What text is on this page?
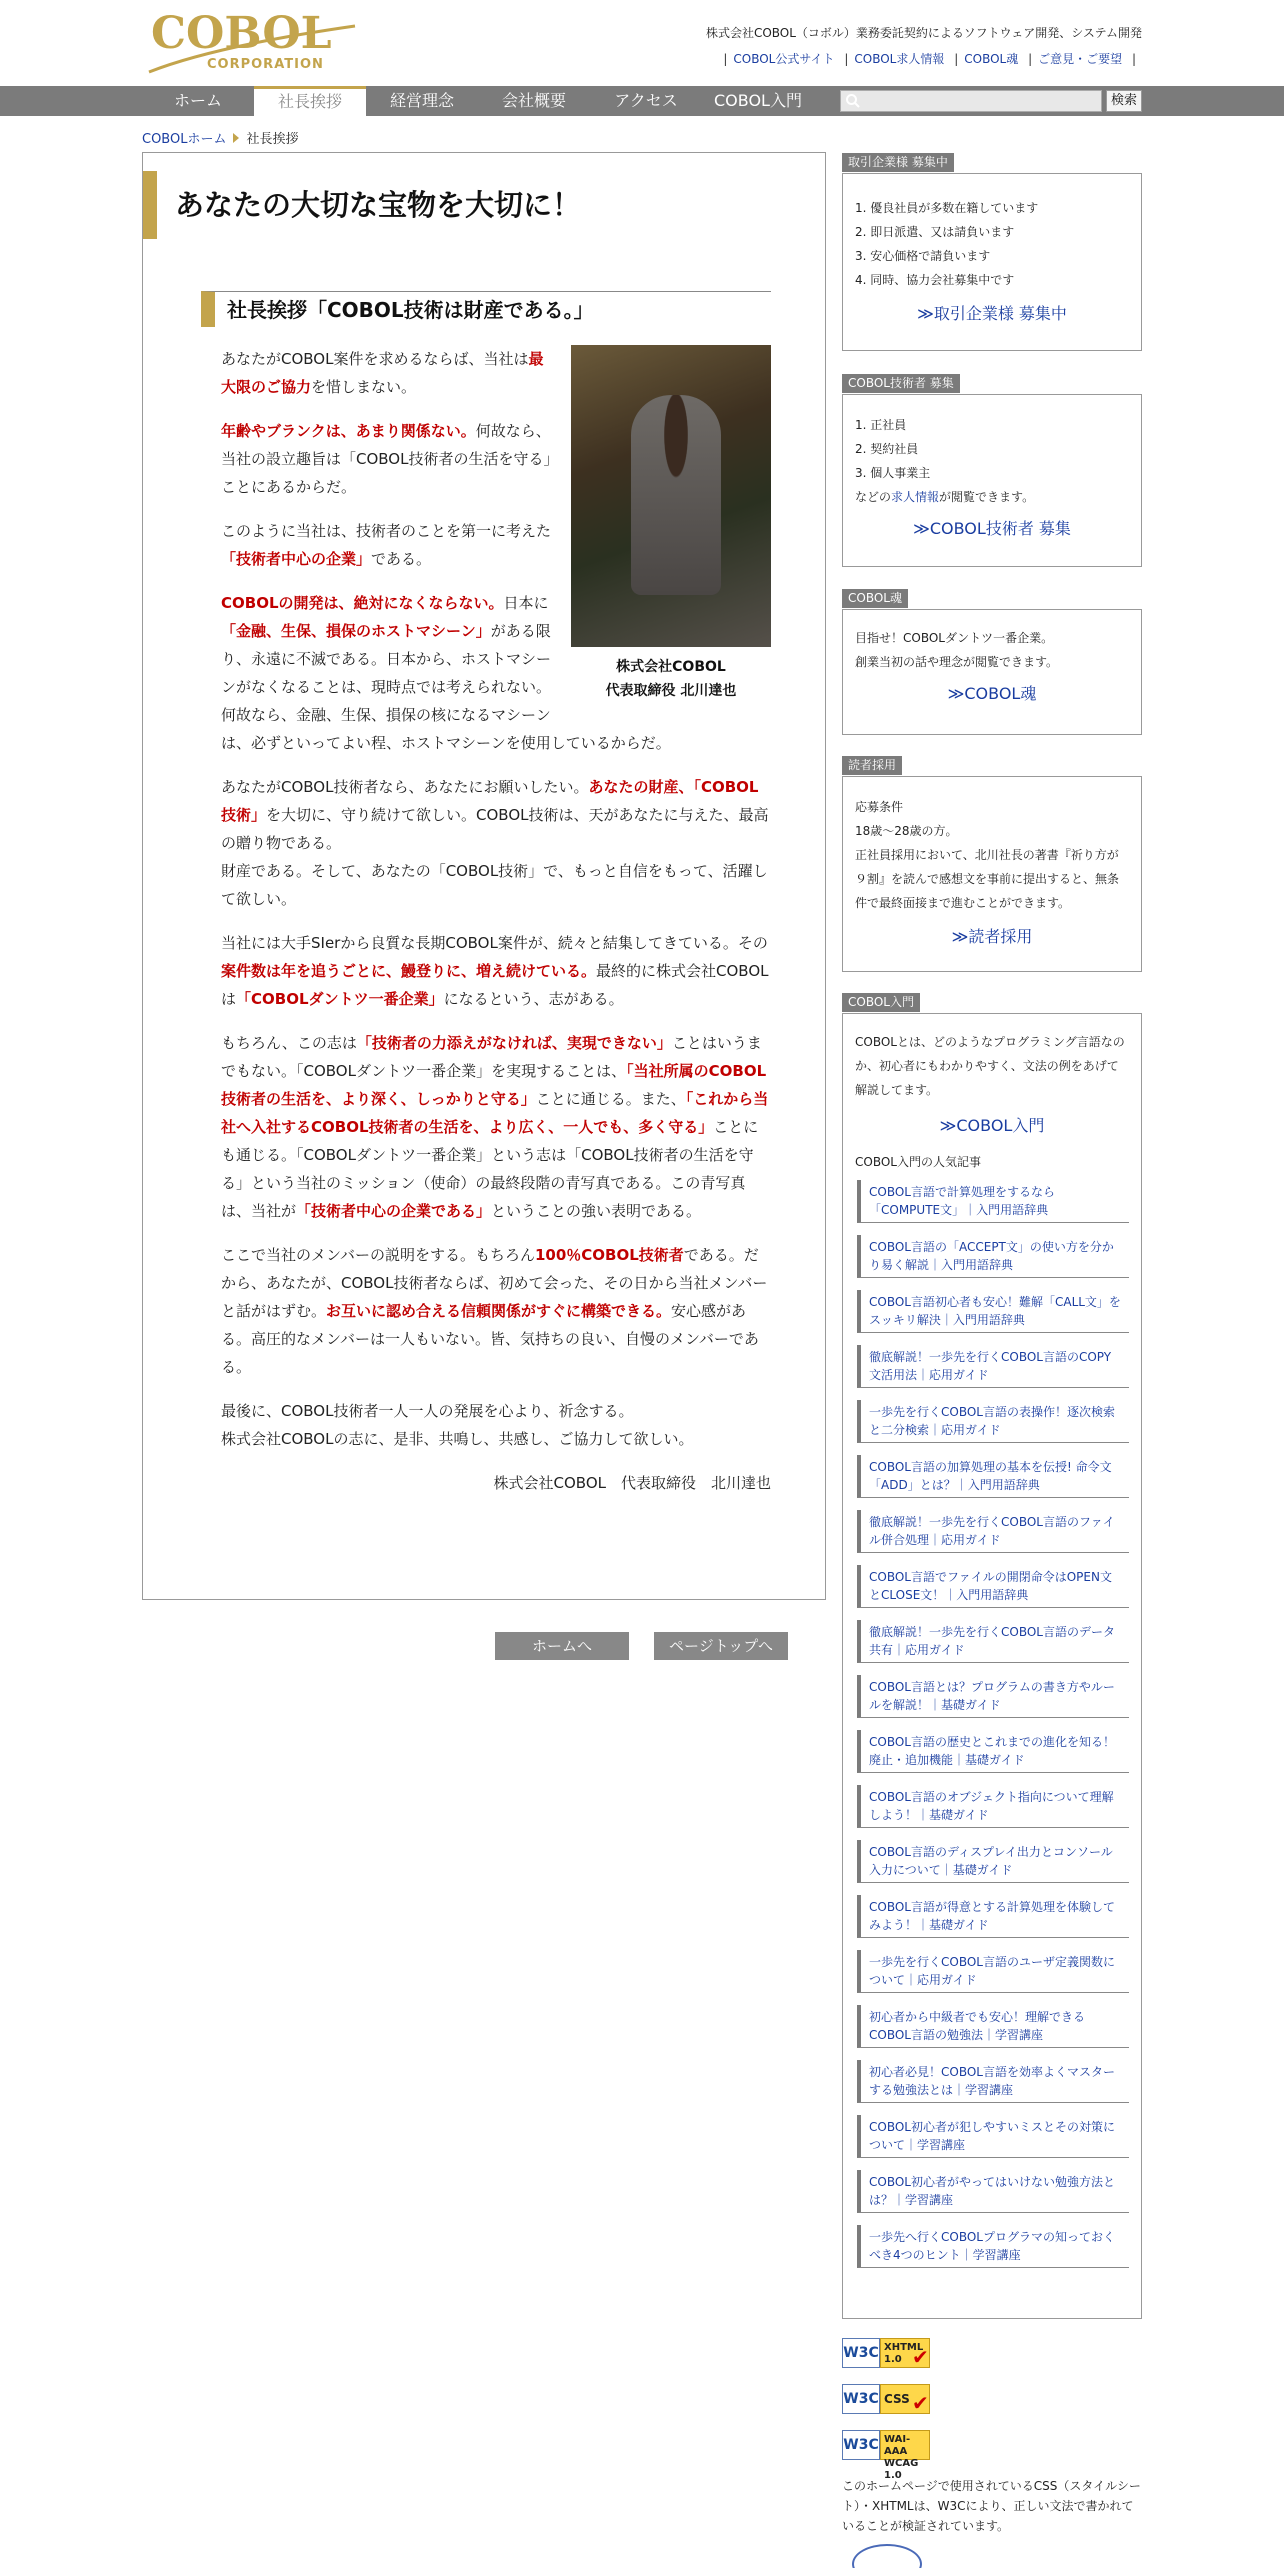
COBOL
CORPORATION
株式会社COBOL（コボル）業務委託契約によるソフトウェア開発、システム開発
| COBOL公式サイト | COBOL求人情報 | COBOL魂 | ご意見・ご要望 |
ホーム	社長挨拶	経営理念	会社概要	アクセス	COBOL入門	検索
COBOLホーム 社長挨拶
あなたの大切な宝物を大切に！
社長挨拶「COBOL技術は財産である。」
株式会社COBOL
代表取締役 北川達也

あなたがCOBOL案件を求めるならば、当社は最大限のご協力を惜しまない。

年齢やブランクは、あまり関係ない。何故なら、当社の設立趣旨は「COBOL技術者の生活を守る」ことにあるからだ。

このように当社は、技術者のことを第一に考えた「技術者中心の企業」である。

COBOLの開発は、絶対になくならない。日本に「金融、生保、損保のホストマシーン」がある限り、永遠に不滅である。日本から、ホストマシーンがなくなることは、現時点では考えられない。何故なら、金融、生保、損保の核になるマシーンは、必ずといってよい程、ホストマシーンを使用しているからだ。

あなたがCOBOL技術者なら、あなたにお願いしたい。あなたの財産、「COBOL技術」を大切に、守り続けて欲しい。COBOL技術は、天があなたに与えた、最高の贈り物である。
財産である。そして、あなたの「COBOL技術」で、もっと自信をもって、活躍して欲しい。

当社には大手SIerから良質な長期COBOL案件が、続々と結集してきている。その案件数は年を追うごとに、鰻登りに、増え続けている。最終的に株式会社COBOLは「COBOLダントツ一番企業」になるという、志がある。

もちろん、この志は「技術者の力添えがなければ、実現できない」ことはいうまでもない。「COBOLダントツ一番企業」を実現することは、「当社所属のCOBOL技術者の生活を、より深く、しっかりと守る」ことに通じる。また、「これから当社へ入社するCOBOL技術者の生活を、より広く、一人でも、多く守る」ことにも通じる。「COBOLダントツ一番企業」という志は「COBOL技術者の生活を守る」という当社のミッション（使命）の最終段階の青写真である。この青写真は、当社が「技術者中心の企業である」ということの強い表明である。

ここで当社のメンバーの説明をする。もちろん100％COBOL技術者である。だから、あなたが、COBOL技術者ならば、初めて会った、その日から当社メンバーと話がはずむ。お互いに認め合える信頼関係がすぐに構築できる。安心感がある。高圧的なメンバーは一人もいない。皆、気持ちの良い、自慢のメンバーである。

最後に、COBOL技術者一人一人の発展を心より、祈念する。
株式会社COBOLの志に、是非、共鳴し、共感し、ご協力して欲しい。

株式会社COBOL　代表取締役　北川達也
ホームへ	ページトップへ
取引企業様 募集中
1. 優良社員が多数在籍しています
2. 即日派遣、又は請負います
3. 安心価格で請負います
4. 同時、協力会社募集中です
≫取引企業様 募集中
COBOL技術者 募集
1. 正社員
2. 契約社員
3. 個人事業主
などの求人情報が閲覧できます。
≫COBOL技術者 募集
COBOL魂
目指せ！COBOLダントツ一番企業。
創業当初の話や理念が閲覧できます。
≫COBOL魂
読者採用
応募条件
18歳～28歳の方。
正社員採用において、北川社長の著書『祈り方が９割』を読んで感想文を事前に提出すると、無条件で最終面接まで進むことができます。
≫読者採用
COBOL入門
COBOLとは、どのようなプログラミング言語なのか、初心者にもわかりやすく、文法の例をあげて解説してます。
≫COBOL入門
COBOL入門の人気記事
COBOL言語で計算処理をするなら「COMPUTE文」｜入門用語辞典
COBOL言語の「ACCEPT文」の使い方を分かり易く解説｜入門用語辞典
COBOL言語初心者も安心！難解「CALL文」をスッキリ解決｜入門用語辞典
徹底解説！一歩先を行くCOBOL言語のCOPY文活用法｜応用ガイド
一歩先を行くCOBOL言語の表操作！逐次検索と二分検索｜応用ガイド
COBOL言語の加算処理の基本を伝授! 命令文「ADD」とは？｜入門用語辞典
徹底解説！一歩先を行くCOBOL言語のファイル併合処理｜応用ガイド
COBOL言語でファイルの開閉命令はOPEN文とCLOSE文！｜入門用語辞典
徹底解説！一歩先を行くCOBOL言語のデータ共有｜応用ガイド
COBOL言語とは？プログラムの書き方やルールを解説！｜基礎ガイド
COBOL言語の歴史とこれまでの進化を知る！廃止・追加機能｜基礎ガイド
COBOL言語のオブジェクト指向について理解しよう！｜基礎ガイド
COBOL言語のディスプレイ出力とコンソール入力について｜基礎ガイド
COBOL言語が得意とする計算処理を体験してみよう！｜基礎ガイド
一歩先を行くCOBOL言語のユーザ定義関数について｜応用ガイド
初心者から中級者でも安心！理解できるCOBOL言語の勉強法｜学習講座
初心者必見！COBOL言語を効率よくマスターする勉強法とは｜学習講座
COBOL初心者が犯しやすいミスとその対策について｜学習講座
COBOL初心者がやってはいけない勉強方法とは？｜学習講座
一歩先へ行くCOBOLプログラマの知っておくべき4つのヒント｜学習講座
W3C XHTML 1.0 ✔
W3C CSS ✔
W3C WAI-AAA WCAG 1.0
このホームページで使用されているCSS（スタイルシート）・XHTMLは、W3Cにより、正しい文法で書かれていることが検証されています。
